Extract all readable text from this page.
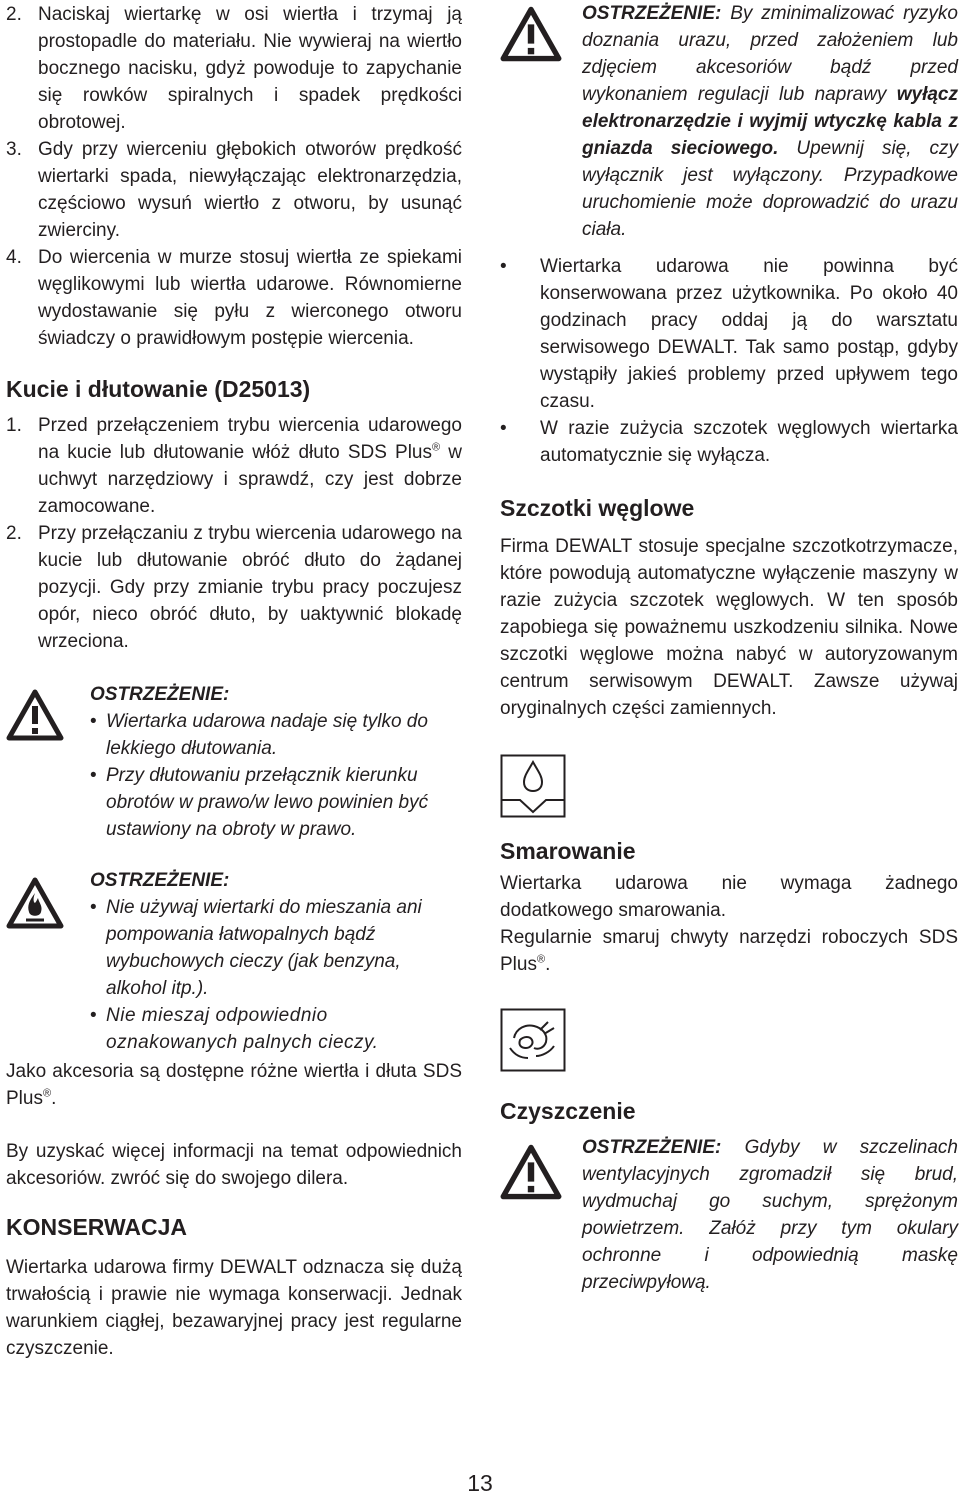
2. Naciskaj wiertarkę w osi wiertła i trzymaj ją prostopadle do materiału. Nie wywieraj na wiertło bocznego nacisku, gdyż powoduje to zapychanie się rowków spiralnych i spadek prędkości obrotowej.
3. Gdy przy wierceniu głębokich otworów prędkość wiertarki spada, niewyłączając elektronarzędzia, częściowo wysuń wiertło z otworu, by usunąć zwierciny.
4. Do wiercenia w murze stosuj wiertła ze spiekami węglikowymi lub wiertła udarowe. Równomierne wydostawanie się pyłu z wierconego otworu świadczy o prawidłowym postępie wiercenia.
Kucie i dłutowanie (D25013)
1. Przed przełączeniem trybu wiercenia udarowego na kucie lub dłutowanie włóż dłuto SDS Plus® w uchwyt narzędziowy i sprawdź, czy jest dobrze zamocowane.
2. Przy przełączaniu z trybu wiercenia udarowego na kucie lub dłutowanie obróć dłuto do żądanej pozycji. Gdy przy zmianie trybu pracy poczujesz opór, nieco obróć dłuto, by uaktywnić blokadę wrzeciona.
OSTRZEŻENIE:
• Wiertarka udarowa nadaje się tylko do lekkiego dłutowania.
• Przy dłutowaniu przełącznik kierunku obrotów w prawo/w lewo powinien być ustawiony na obroty w prawo.
OSTRZEŻENIE:
• Nie używaj wiertarki do mieszania ani pompowania łatwopalnych bądź wybuchowych cieczy (jak benzyna, alkohol itp.).
• Nie mieszaj odpowiednio oznakowanych palnych cieczy.

Jako akcesoria są dostępne różne wiertła i dłuta SDS Plus®.

By uzyskać więcej informacji na temat odpowiednich akcesoriów. zwróć się do swojego dilera.

KONSERWACJA

Wiertarka udarowa firmy DEWALT odznacza się dużą trwałością i prawie nie wymaga konserwacji. Jednak warunkiem ciągłej, bezawaryjnej pracy jest regularne czyszczenie.

OSTRZEŻENIE: By zminimalizować ryzyko doznania urazu, przed założeniem lub zdjęciem akcesoriów bądź przed wykonaniem regulacji lub naprawy wyłącz elektronarzędzie i wyjmij wtyczkę kabla z gniazda sieciowego. Upewnij się, czy wyłącznik jest wyłączony. Przypadkowe uruchomienie może doprowadzić do urazu ciała.

•	Wiertarka udarowa nie powinna być konserwowana przez użytkownika. Po około 40 godzinach pracy oddaj ją do warsztatu serwisowego DEWALT. Tak samo postąp, gdyby wystąpiły jakieś problemy przed upływem tego czasu.

•	W razie zużycia szczotek węglowych wiertarka automatycznie się wyłącza.

Szczotki węglowe

Firma DEWALT stosuje specjalne szczotkotrzymacze, które powodują automatyczne wyłączenie maszyny w razie zużycia szczotek węglowych. W ten sposób zapobiega się poważnemu uszkodzeniu silnika. Nowe szczotki węglowe można nabyć w autoryzowanym centrum serwisowym DEWALT. Zawsze używaj oryginalnych części zamiennych.

Smarowanie

Wiertarka udarowa nie wymaga żadnego dodatkowego smarowania.

Regularnie smaruj chwyty narzędzi roboczych SDS Plus®.

Czyszczenie

OSTRZEŻENIE: Gdyby w szczelinach wentylacyjnych zgromadził się brud, wydmuchaj go suchym, sprężonym powietrzem. Załóż przy tym okulary ochronne i odpowiednią maskę przeciwpyłową.

13
